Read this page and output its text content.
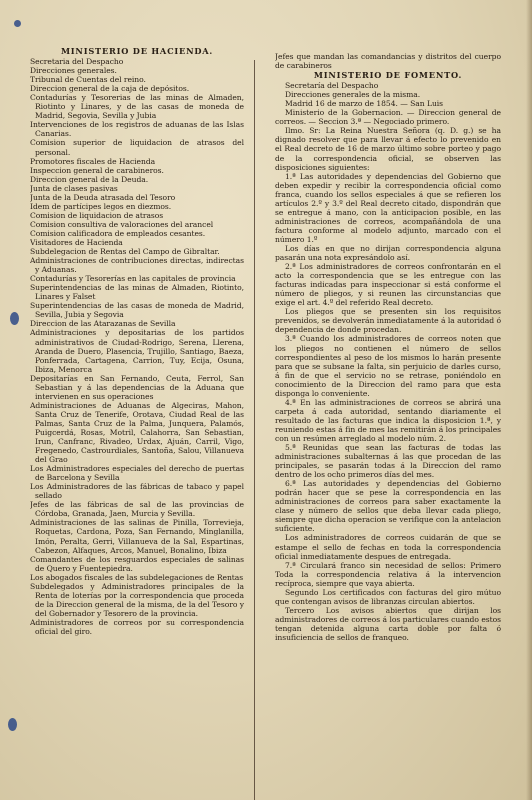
MINISTERIO DE HACIENDA.

Secretaria del Despacho

Direcciones generales.

Tribunal de Cuentas del reino.

Direccion general de la caja de depósitos.

Contadurías y Tesorerias de las minas de Almaden, Riotinto y Linares, y de las casas de moneda de Madrid, Segovia, Sevilla y Jubia

Intervenciones de los registros de aduanas de las Islas Canarias.

Comision superior de liquidacion de atrasos del personal.

Promotores fiscales de Hacienda

Inspeccion general de carabineros.

Direccion general de la Deuda.

Junta de clases pasivas

Junta de la Deuda atrasada del Tesoro

Idem de partícipes legos en diezmos.

Comision de liquidacion de atrasos

Comision consultiva de valoraciones del arancel

Comision calificadora de empleados cesantes.

Visitadores de Hacienda

Subdelegacion de Rentas del Campo de Gibraltar.

Administraciones de contribuciones directas, indirectas y Aduanas.

Contadurías y Tesorerías en las capitales de provincia

Superintendencias de las minas de Almaden, Riotinto, Linares y Falset

Superintendencias de las casas de moneda de Madrid, Sevilla, Jubia y Segovia

Direccion de las Atarazanas de Sevilla

Administraciones y depositarias de los partidos administrativos de Ciudad-Rodrigo, Serena, Llerena, Aranda de Duero, Plasencia, Trujillo, Santiago, Baeza, Ponferrada, Cartagena, Carrion, Tuy, Ecija, Osuna, Ibiza, Menorca

Depositarías en San Fernando, Ceuta, Ferrol, San Sebastian y á las dependencias de la Aduana que intervienen en sus operaciones

Administraciones de Aduanas de Algeciras, Mahon, Santa Cruz de Tenerife, Orotava, Ciudad Real de las Palmas, Santa Cruz de la Palma, Junquera, Palamós, Puigcerdá, Rosas, Motril, Calahorra, San Sebastian, Irun, Canfranc, Rivadeo, Urdax, Ajuán, Carril, Vigo, Fregenedo, Castrourdiales, Santoña, Salou, Villanueva del Grao

Los Administradores especiales del derecho de puertas de Barcelona y Sevilla

Los Administradores de las fábricas de tabaco y papel sellado

Jefes de las fábricas de sal de las provincias de Córdoba, Granada, Jaen, Murcia y Sevilla.

Administraciones de las salinas de Pinilla, Torrevieja, Roquetas, Cardona, Poza, San Fernando, Minglanilla, Imón, Peralta, Gerri, Villanueva de la Sal, Espartinas, Cabezon, Alfaques, Arcos, Manuel, Bonalino, Ibiza

Comandantes de los resguardos especiales de salinas de Quero y Fuentepiedra.

Los abogados fiscales de las subdelegaciones de Rentas

Subdelegados y Administradores principales de la Renta de loterías por la correspondencia que proceda de la Direccion general de la misma, de la del Tesoro y del Gobernador y Tesorero de la provincia.

Administradores de correos por su correspondencia oficial del giro.

Jefes que mandan las comandancias y distritos del cuerpo de carabineros

MINISTERIO DE FOMENTO.

Secretaría del Despacho

Direcciones generales de la misma.

Madrid 16 de marzo de 1854. — San Luis

Ministerio de la Gobernacion. — Direccion general de correos. — Seccion 3.ª — Negociado primero.

Ilmo. Sr: La Reina Nuestra Señora (q. D. g.) se ha dignado resolver que para llevar á efecto lo prevenido en el Real decreto de 16 de marzo último sobre porteo y pago de la correspondencia oficial, se observen las disposiciones siguientes:

1.ª Las autoridades y dependencias del Gobierno que deben expedir y recibir la correspondencia oficial como franca, cuando los sellos especiales á que se refieren los artículos 2.º y 3.º del Real decreto citado, dispondrán que se entregue á mano, con la anticipacion posible, en las administraciones de correos, acompañándola de una factura conforme al modelo adjunto, marcado con el número 1.º

Los días en que no dirijan correspondencia alguna pasarán una nota expresándolo así.

2.ª Los administradores de correos confrontarán en el acto la correspondencia que se les entregue con las facturas indicadas para inspeccionar si está conforme el número de pliegos, y si reunen las circunstancias que exige el art. 4.º del referido Real decreto.

Los pliegos que se presenten sin los requisitos prevenidos, se devolverán inmediatamente á la autoridad ó dependencia de donde procedan.

3.ª Cuando los administradores de correos noten que los pliegos no contienen el número de sellos correspondientes al peso de los mismos lo harán presente para que se subsane la falta, sin perjuicio de darles curso, á fin de que el servicio no se retrase, poniéndolo en conocimiento de la Direccion del ramo para que esta disponga lo conveniente.

4.ª En las administraciones de correos se abrirá una carpeta á cada autoridad, sentando diariamente el resultado de las facturas que indica la disposicion 1.ª, y reuniendo estas á fin de mes las remitirán á los principales con un resúmen arreglado al modelo núm. 2.

5.ª Reunidas que sean las facturas de todas las administraciones subalternas á las que procedan de las principales, se pasarán todas á la Direccion del ramo dentro de los ocho primeros días del mes.

6.ª Las autoridades y dependencias del Gobierno podrán hacer que se pese la correspondencia en las administraciones de correos para saber exactamente la clase y número de sellos que deba llevar cada pliego, siempre que dicha operacion se verifique con la antelacion suficiente.

Los administradores de correos cuidarán de que se estampe el sello de fechas en toda la correspondencia oficial inmediatamente despues de entregada.

7.ª Circulará franco sin necesidad de sellos: Primero Toda la correspondencia relativa á la intervencion recíproca, siempre que vaya abierta.

Segundo Los certificados con facturas del giro mútuo que contengan avisos de libranzas circulan abiertos.

Tercero Los avisos abiertos que dirijan los administradores de correos á los particulares cuando estos tengan detenida alguna carta doble por falta ó insuficiencia de sellos de franqueo.
